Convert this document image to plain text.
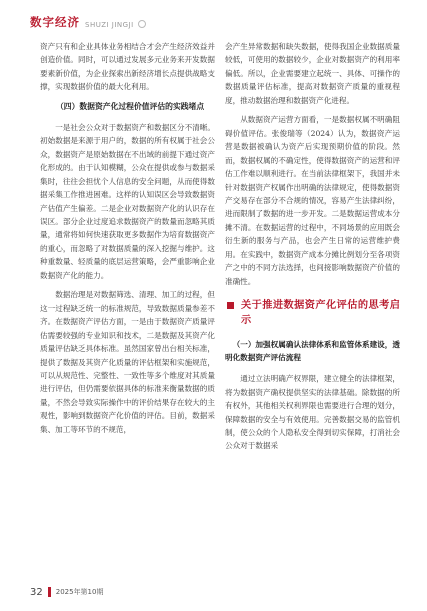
数字经济 SHUZI JINGJI

资产只有和企业具体业务相结合才会产生经济效益并创造价值。同时，可以通过发展多元业务来开发数据要素新价值，为企业探索出新经济增长点提供战略支撑，实现数据价值的最大化利用。

（四）数据资产化过程价值评估的实践堵点

一是社会公众对于数据资产和数据区分不清晰。初始数据是来源于用户的，数据的所有权属于社会公众，数据资产是原始数据在不出域的前提下通过资产化形成的。由于认知模糊，公众在提供或参与数据采集时，往往会担忧个人信息的安全问题，从而使得数据采集工作推进困难。这样的认知误区会导致数据资产估值产生偏差。二是企业对数据资产化的认识存在误区。部分企业过度追求数据资产的数量而忽略其质量，通常将如何快速获取更多数据作为培育数据资产的重心，而忽略了对数据质量的深入挖掘与维护。这种重数量、轻质量的底层运营策略，会严重影响企业数据资产化的能力。

数据治理是对数据筛选、清理、加工的过程，但这一过程缺乏统一的标准规范，导致数据质量参差不齐。在数据资产评估方面，一是由于数据资产质量评估需要较强的专业知识和技术，二是数据及其资产化质量评估缺乏具体标准。虽然国家曾出台相关标准，提供了数据及其资产化质量的评估框架和实施规范，可以从规范性、完整性、一致性等多个维度对其质量进行评估，但仍需要依据具体的标准来衡量数据的质量，不然会导致实际操作中的评价结果存在较大的主观性，影响到数据资产化价值的评估。目前，数据采集、加工等环节的不规范，

会产生异常数据和缺失数据，使得我国企业数据质量较低，可使用的数据较少，企业对数据资产的利用率偏低。所以，企业需要建立起统一、具体、可操作的数据质量评估标准，提高对数据资产质量的重视程度，推动数据治理和数据资产化进程。

从数据资产运营方面看，一是数据权属不明确阻碍价值评估。张俊瑞等（2024）认为，数据资产运营是数据被确认为资产后实现预期价值的阶段。然而，数据权属的不确定性，使得数据资产的运营和评估工作难以顺利进行。在当前法律框架下，我国并未针对数据资产权属作出明确的法律规定，使得数据资产交易存在部分不合规的情况，容易产生法律纠纷，进而限制了数据的进一步开发。二是数据运营成本分摊不清。在数据运营的过程中，不同场景的应用既会衍生新的服务与产品，也会产生日常的运营维护费用。在实践中，数据资产成本分摊比例划分至各项资产之中的不同方法选择，也间接影响数据资产价值的准确性。

关于推进数据资产化评估的思考启示
（一）加强权属确认法律体系和监管体系建设，透明化数据资产评估流程

通过立法明确产权界限，建立健全的法律框架，将为数据资产确权提供坚实的法律基础。除数据的所有权外，其他相关权利界限也需要进行合理的划分，保障数据的安全与有效使用。完善数据交易的监管机制，使公众的个人隐私安全得到切实保障，打消社会公众对于数据采

32 2025年第10期
